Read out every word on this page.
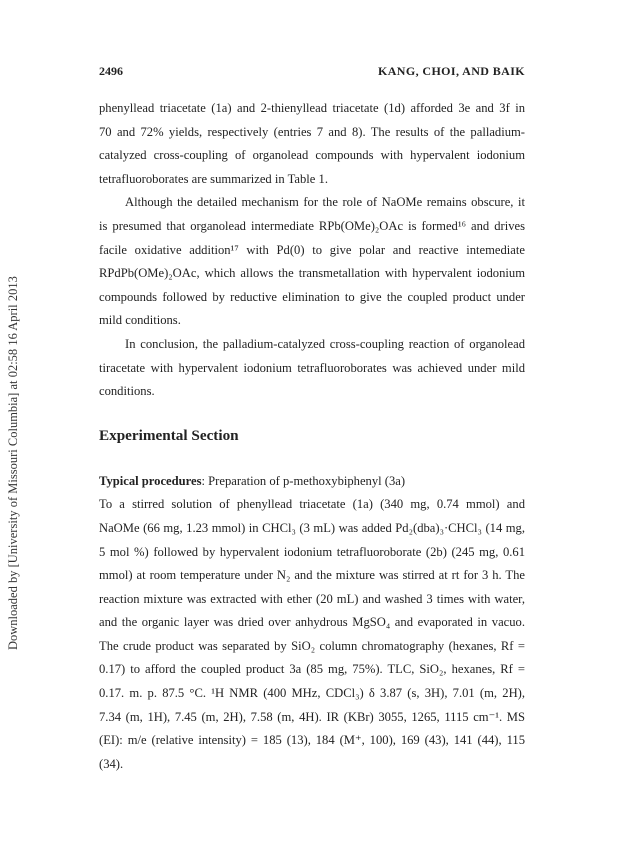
Downloaded by [University of Missouri Columbia] at 02:58 16 April 2013
2496	KANG, CHOI, AND BAIK
phenyllead triacetate (1a) and 2-thienyllead triacetate (1d) afforded 3e and 3f in
70 and 72% yields, respectively (entries 7 and 8). The results of the palladium-
catalyzed cross-coupling of organolead compounds with hypervalent iodonium
tetrafluoroborates are summarized in Table 1.
Although the detailed mechanism for the role of NaOMe remains obscure, it
is presumed that organolead intermediate RPb(OMe)₂OAc is formed¹⁶ and drives
facile oxidative addition¹⁷ with Pd(0) to give polar and reactive intemediate
RPdPb(OMe)₂OAc, which allows the transmetallation with hypervalent iodonium
compounds followed by reductive elimination to give the coupled product under
mild conditions.
In conclusion, the palladium-catalyzed cross-coupling reaction of organolead
tiracetate with hypervalent iodonium tetrafluoroborates was achieved under mild
conditions.
Experimental Section
Typical procedures: Preparation of p-methoxybiphenyl (3a)
To a stirred solution of phenyllead triacetate (1a) (340 mg, 0.74 mmol) and
NaOMe (66 mg, 1.23 mmol) in CHCl₃ (3 mL) was added Pd₂(dba)₃·CHCl₃ (14 mg,
5 mol %) followed by hypervalent iodonium tetrafluoroborate (2b) (245 mg, 0.61
mmol) at room temperature under N₂ and the mixture was stirred at rt for 3 h. The
reaction mixture was extracted with ether (20 mL) and washed 3 times with water,
and the organic layer was dried over anhydrous MgSO₄ and evaporated in vacuo.
The crude product was separated by SiO₂ column chromatography (hexanes, Rf =
0.17) to afford the coupled product 3a (85 mg, 75%). TLC, SiO₂, hexanes, Rf =
0.17. m. p. 87.5 °C. ¹H NMR (400 MHz, CDCl₃) δ 3.87 (s, 3H), 7.01 (m, 2H),
7.34 (m, 1H), 7.45 (m, 2H), 7.58 (m, 4H). IR (KBr) 3055, 1265, 1115 cm⁻¹. MS
(EI): m/e (relative intensity) = 185 (13), 184 (M⁺, 100), 169 (43), 141 (44), 115
(34).
